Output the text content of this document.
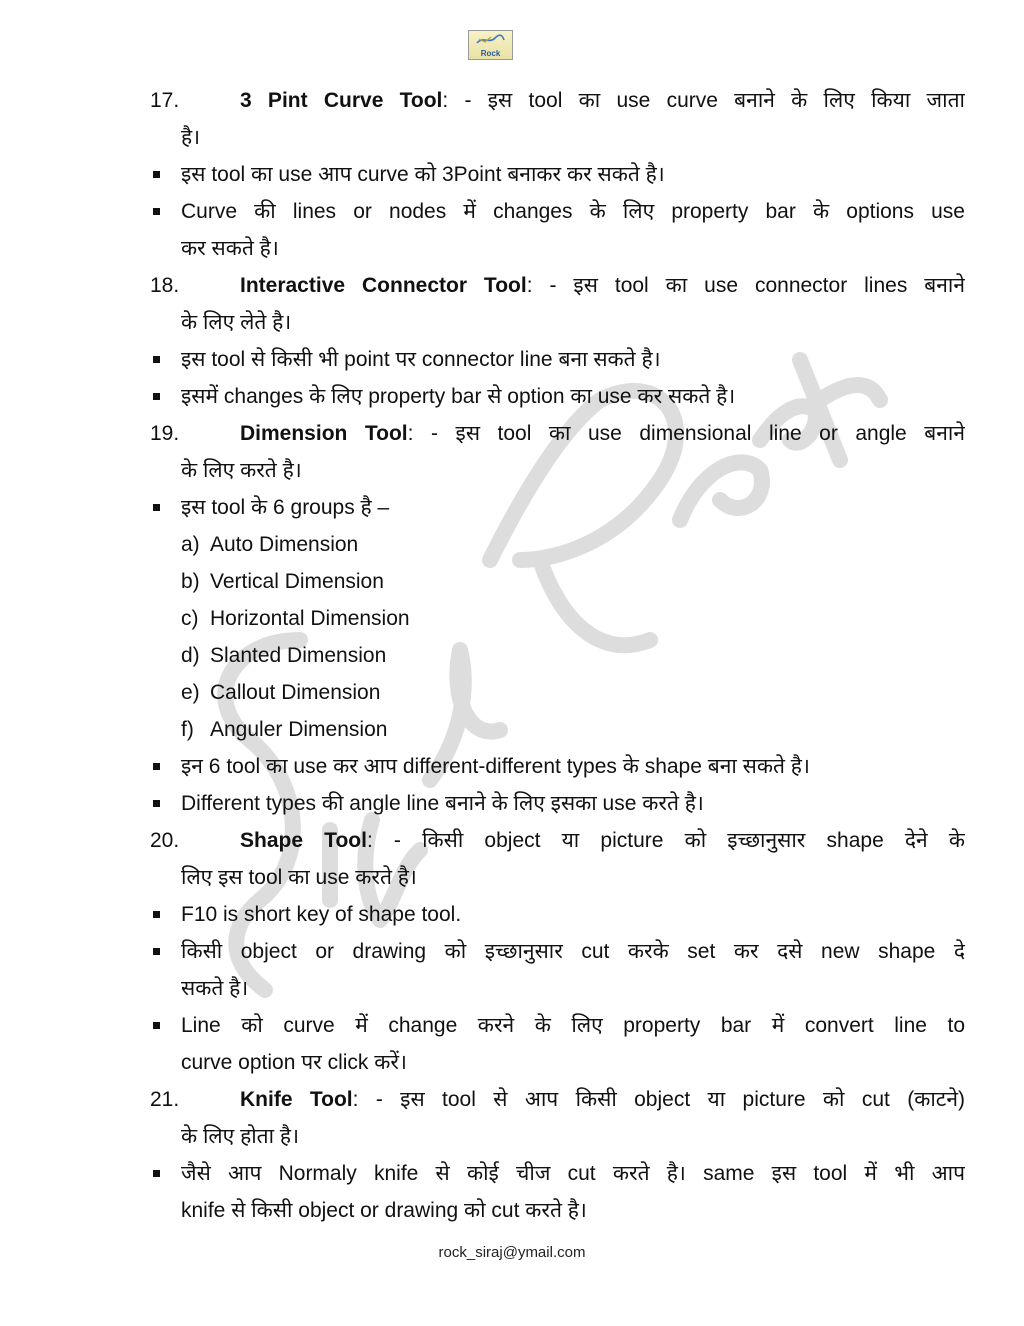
Rock
17.	3 Pint Curve Tool: - इस tool का use curve बनाने के लिए किया जाता
है।
इस tool का use आप curve को 3Point बनाकर कर सकते है।
Curve की lines or nodes में changes के लिए property bar के options use
कर सकते है।
18.	Interactive Connector Tool: - इस tool का use connector lines बनाने
के लिए लेते है।
इस tool से किसी भी point पर connector line बना सकते है।
इसमें changes के लिए property bar से option का use कर सकते है।
19.	Dimension Tool: - इस tool का use dimensional line or angle बनाने
के लिए करते है।
इस tool के 6 groups है –
a) Auto Dimension
b) Vertical Dimension
c) Horizontal Dimension
d) Slanted Dimension
e) Callout Dimension
f) Anguler Dimension
इन 6 tool का use कर आप different-different types के shape बना सकते है।
Different types की angle line बनाने के लिए इसका use करते है।
20.	Shape Tool: - किसी object या picture को इच्छानुसार shape देने के
लिए इस tool का use करते है।
F10 is short key of shape tool.
किसी object or drawing को इच्छानुसार cut करके set कर दसे new shape दे
सकते है।
Line को curve में change करने के लिए property bar में convert line to
curve option पर click करें।
21.	Knife Tool: - इस tool से आप किसी object या picture को cut (काटने)
के लिए होता है।
जैसे आप Normaly knife से कोई चीज cut करते है। same इस tool में भी आप
knife से किसी object or drawing को cut करते है।
rock_siraj@ymail.com
